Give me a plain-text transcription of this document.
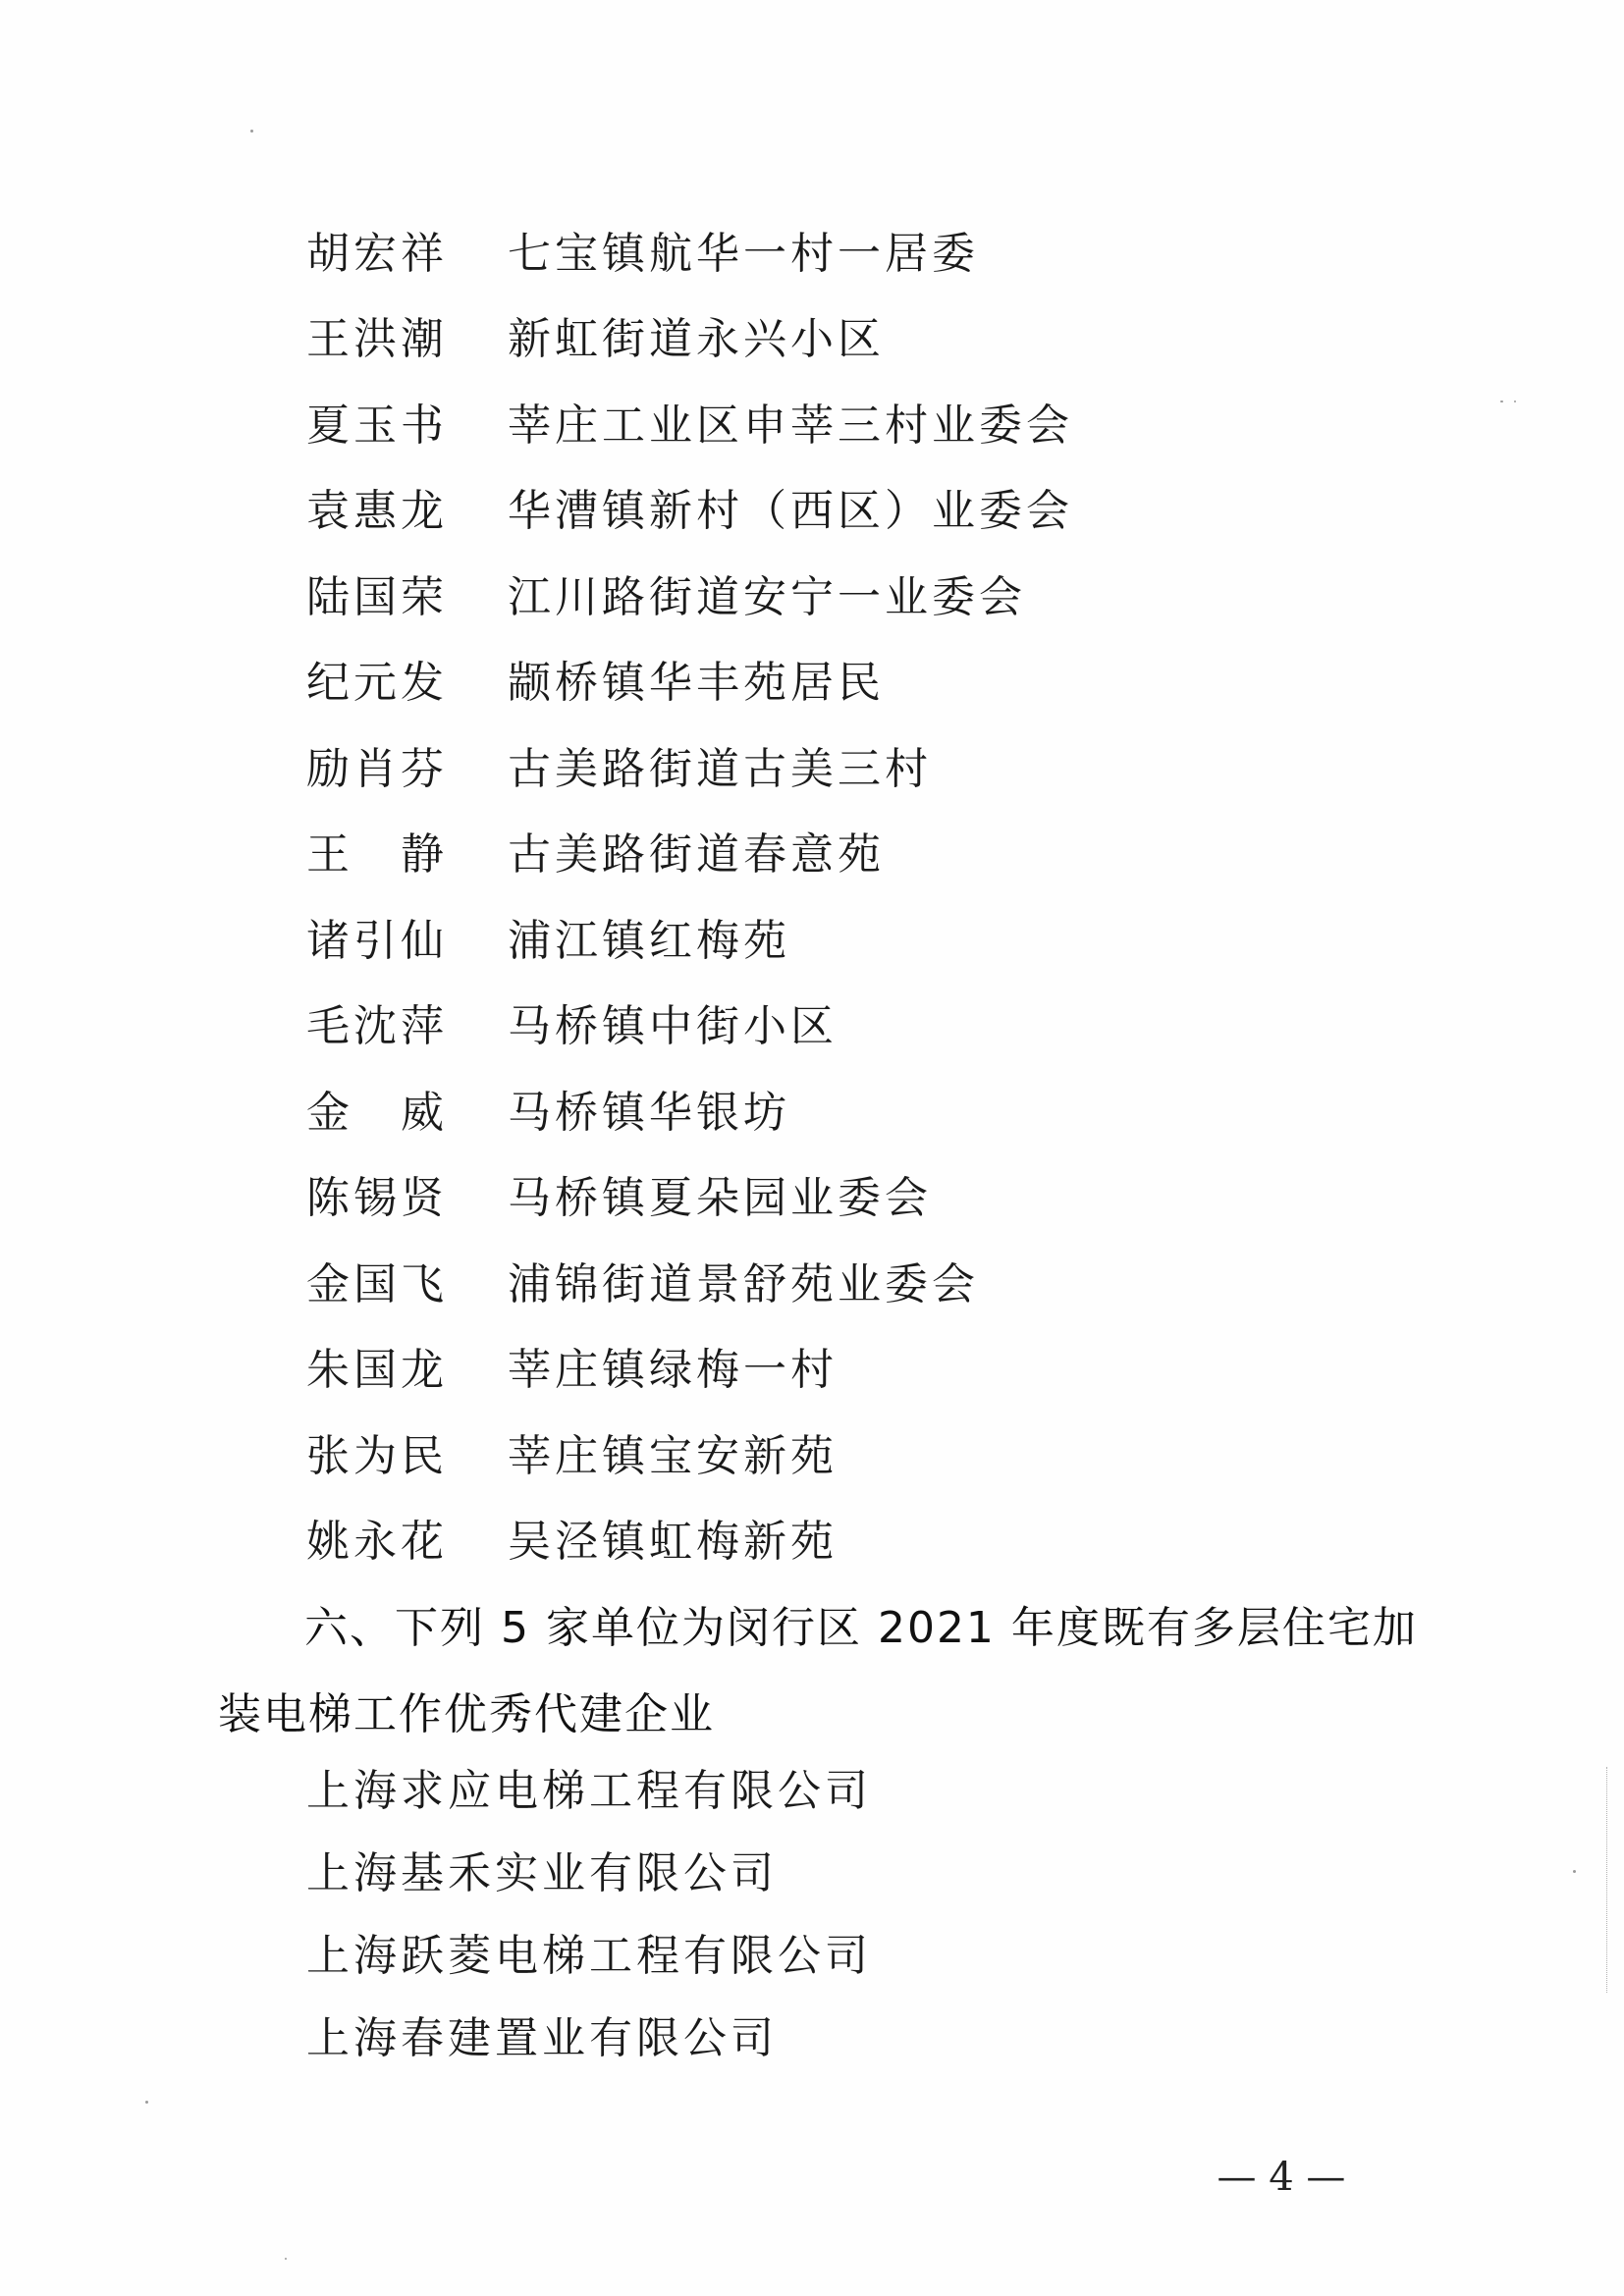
胡宏祥	七宝镇航华一村一居委
王洪潮	新虹街道永兴小区
夏玉书	莘庄工业区申莘三村业委会
袁惠龙	华漕镇新村（西区）业委会
陆国荣	江川路街道安宁一业委会
纪元发	颛桥镇华丰苑居民
励肖芬	古美路街道古美三村
王　静	古美路街道春意苑
诸引仙	浦江镇红梅苑
毛沈萍	马桥镇中街小区
金　威	马桥镇华银坊
陈锡贤	马桥镇夏朵园业委会
金国飞	浦锦街道景舒苑业委会
朱国龙	莘庄镇绿梅一村
张为民	莘庄镇宝安新苑
姚永花	吴泾镇虹梅新苑
六、下列 5 家单位为闵行区 2021 年度既有多层住宅加
装电梯工作优秀代建企业
上海求应电梯工程有限公司
上海基禾实业有限公司
上海跃菱电梯工程有限公司
上海春建置业有限公司
— 4 —
